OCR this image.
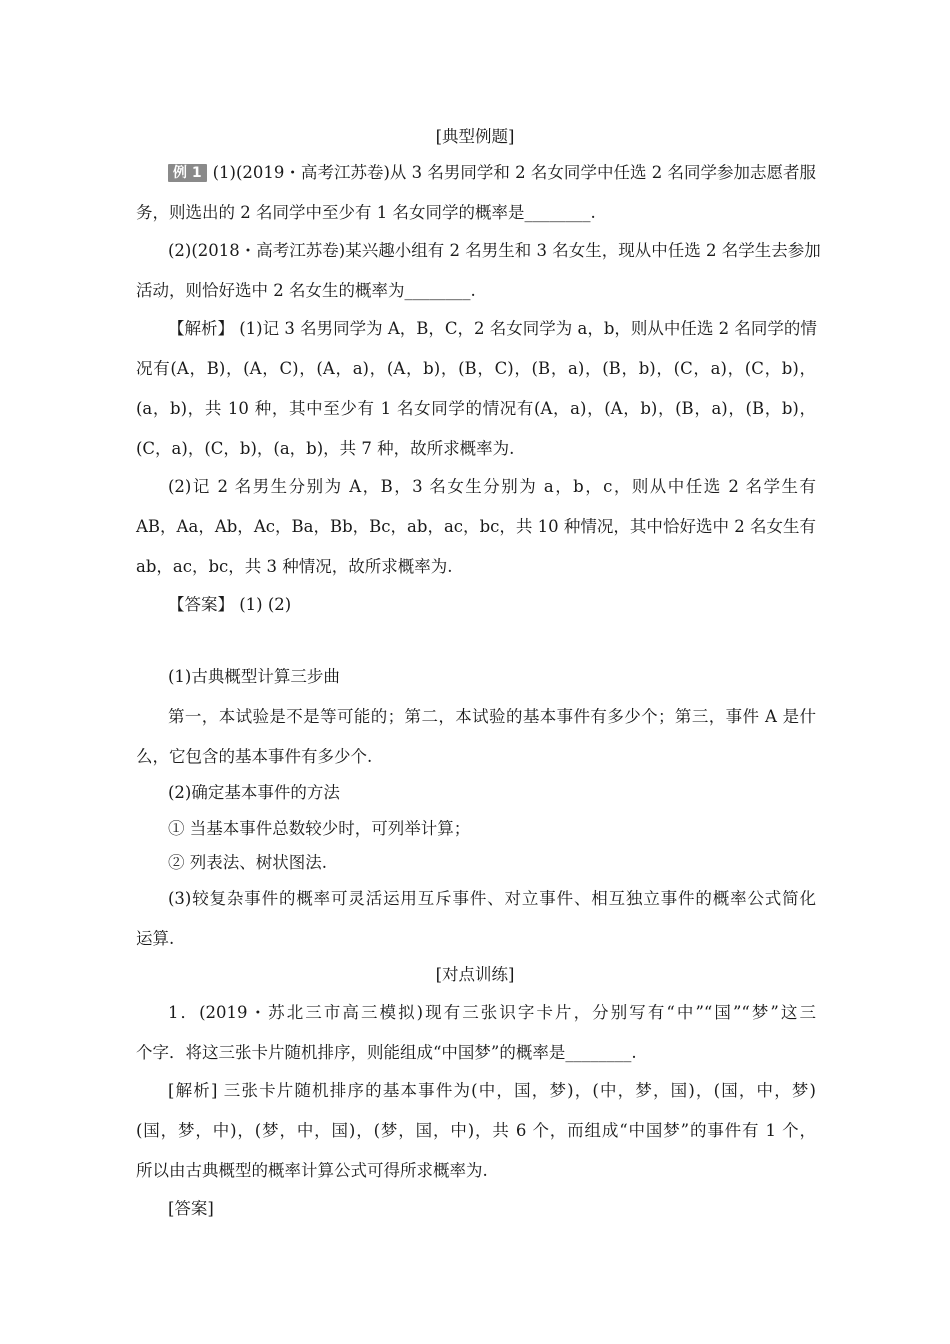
[典型例题]
例 1 (1)(2019・高考江苏卷)从 3 名男同学和 2 名女同学中任选 2 名同学参加志愿者服
务，则选出的 2 名同学中至少有 1 名女同学的概率是________.
(2)(2018・高考江苏卷)某兴趣小组有 2 名男生和 3 名女生，现从中任选 2 名学生去参加
活动，则恰好选中 2 名女生的概率为________.
【解析】 (1)记 3 名男同学为 A，B，C，2 名女同学为 a，b，则从中任选 2 名同学的情
况有(A，B)，(A，C)，(A，a)，(A，b)，(B，C)，(B，a)，(B，b)，(C，a)，(C，b)，
(a，b)，共 10 种，其中至少有 1 名女同学的情况有(A，a)，(A，b)，(B，a)，(B，b)，
(C，a)，(C，b)，(a，b)，共 7 种，故所求概率为.
(2)记 2 名男生分别为 A，B，3 名女生分别为 a，b，c，则从中任选 2 名学生有
AB，Aa，Ab，Ac，Ba，Bb，Bc，ab，ac，bc，共 10 种情况，其中恰好选中 2 名女生有
ab，ac，bc，共 3 种情况，故所求概率为.
【答案】 (1) (2)
(1)古典概型计算三步曲
第一，本试验是不是等可能的；第二，本试验的基本事件有多少个；第三，事件 A 是什
么，它包含的基本事件有多少个.
(2)确定基本事件的方法
① 当基本事件总数较少时，可列举计算；
② 列表法、树状图法.
(3)较复杂事件的概率可灵活运用互斥事件、对立事件、相互独立事件的概率公式简化
运算.
[对点训练]
1．(2019・苏北三市高三模拟)现有三张识字卡片，分别写有“中”“国”“梦”这三
个字．将这三张卡片随机排序，则能组成“中国梦”的概率是________.
[解析] 三张卡片随机排序的基本事件为(中，国，梦)，(中，梦，国)，(国，中，梦)
(国，梦，中)，(梦，中，国)，(梦，国，中)，共 6 个，而组成“中国梦”的事件有 1 个，
所以由古典概型的概率计算公式可得所求概率为.
[答案]
